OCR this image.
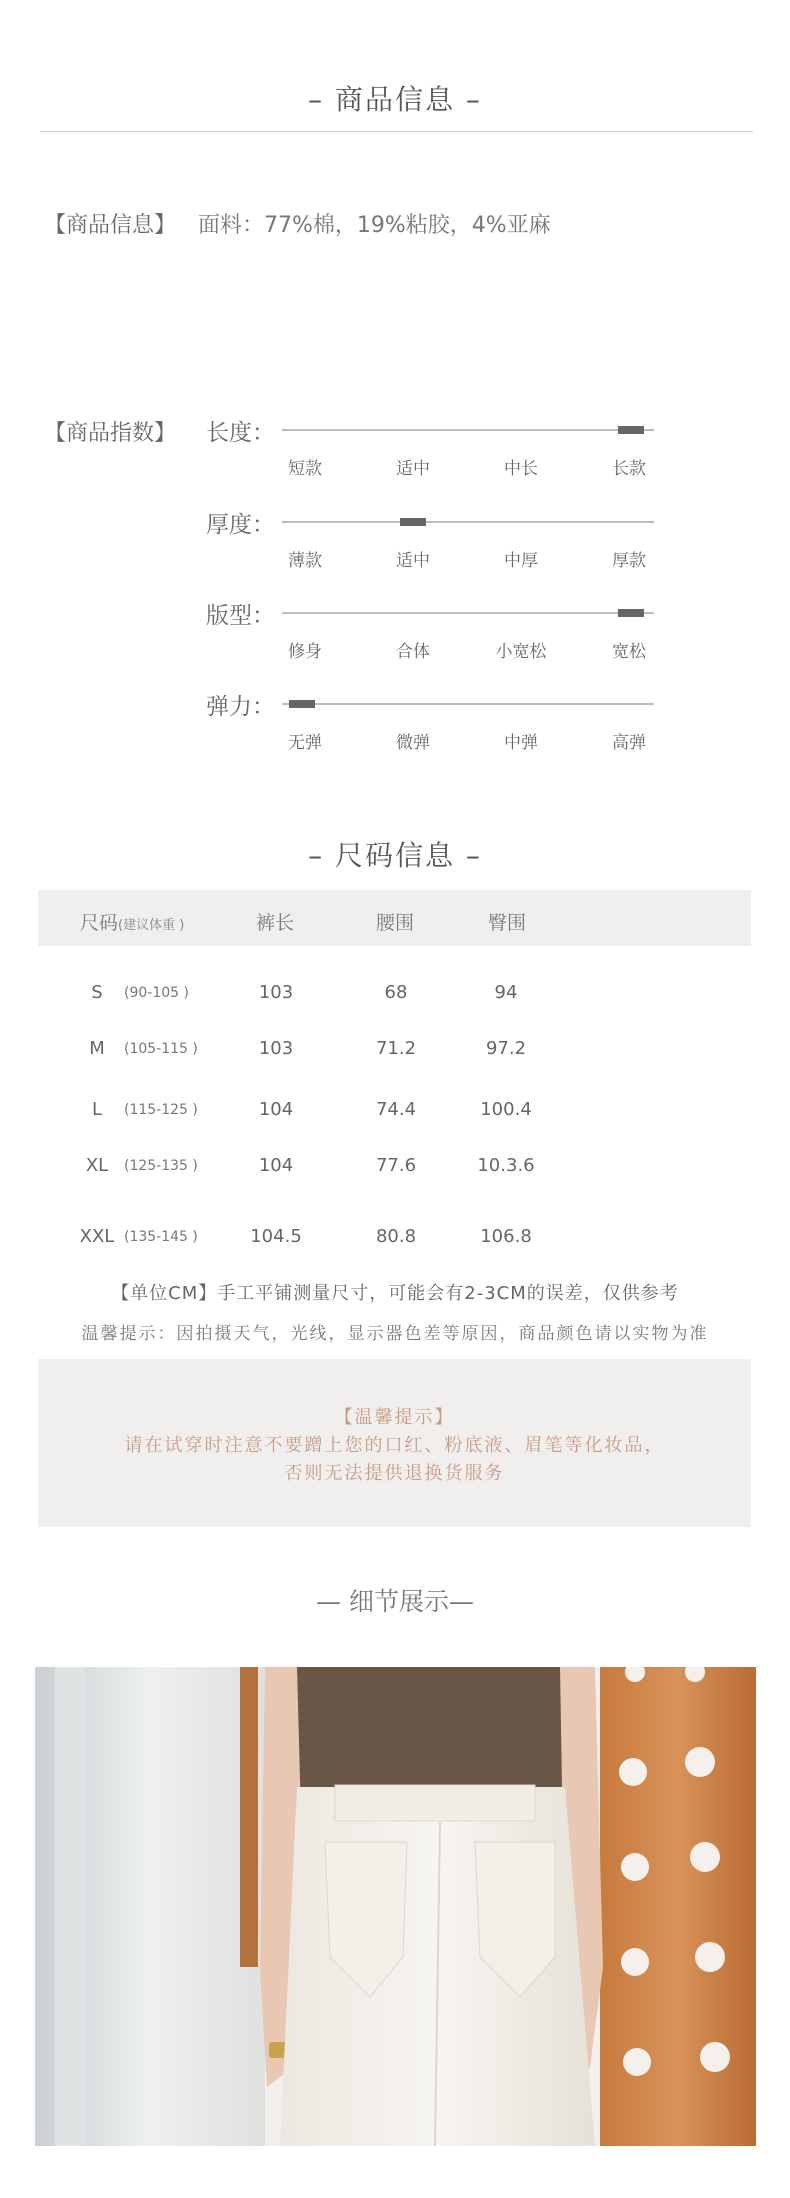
– 商品信息 –
【商品信息】 面料：77%棉，19%粘胶，4%亚麻
【商品指数】 长度：
短款	适中	中长	长款
厚度：
薄款	适中	中厚	厚款
版型：
修身	合体	小宽松	宽松
弹力：
无弹	微弹	中弹	高弹
– 尺码信息 –
尺码(建议体重 )	裤长	腰围	臀围
S	(90-105 )	103	68	94
M	(105-115 )	103	71.2	97.2
L	(115-125 )	104	74.4	100.4
XL	(125-135 )	104	77.6	10.3.6
XXL (135-145 )	104.5	80.8	106.8
【单位CM】手工平铺测量尺寸，可能会有2-3CM的误差，仅供参考
温馨提示：因拍摄天气，光线，显示器色差等原因，商品颜色请以实物为准
【温馨提示】
请在试穿时注意不要蹭上您的口红、粉底液、眉笔等化妆品，
否则无法提供退换货服务
— 细节展示—
